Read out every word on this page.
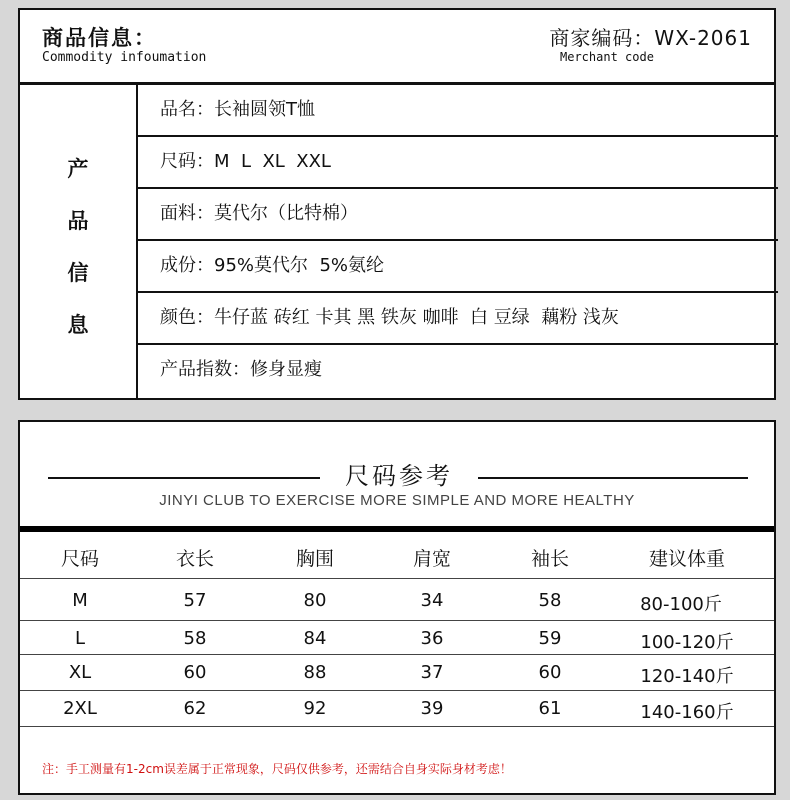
商品信息：
Commodity infoumation
商家编码：WX-2061
Merchant code
产
品
信
息
品名：长袖圆领T恤
尺码：M  L  XL  XXL
面料：莫代尔（比特棉）
成份：95%莫代尔  5%氨纶
颜色：牛仔蓝 砖红 卡其 黑 铁灰 咖啡  白 豆绿  藕粉 浅灰
产品指数：修身显瘦
尺码参考
JINYI CLUB TO EXERCISE MORE SIMPLE AND MORE HEALTHY
尺码	衣长	胸围	肩宽	袖长	建议体重
M	57	80	34	58	80-100斤
L	58	84	36	59	100-120斤
XL	60	88	37	60	120-140斤
2XL	62	92	39	61	140-160斤
注：手工测量有1-2cm误差属于正常现象，尺码仅供参考，还需结合自身实际身材考虑！
